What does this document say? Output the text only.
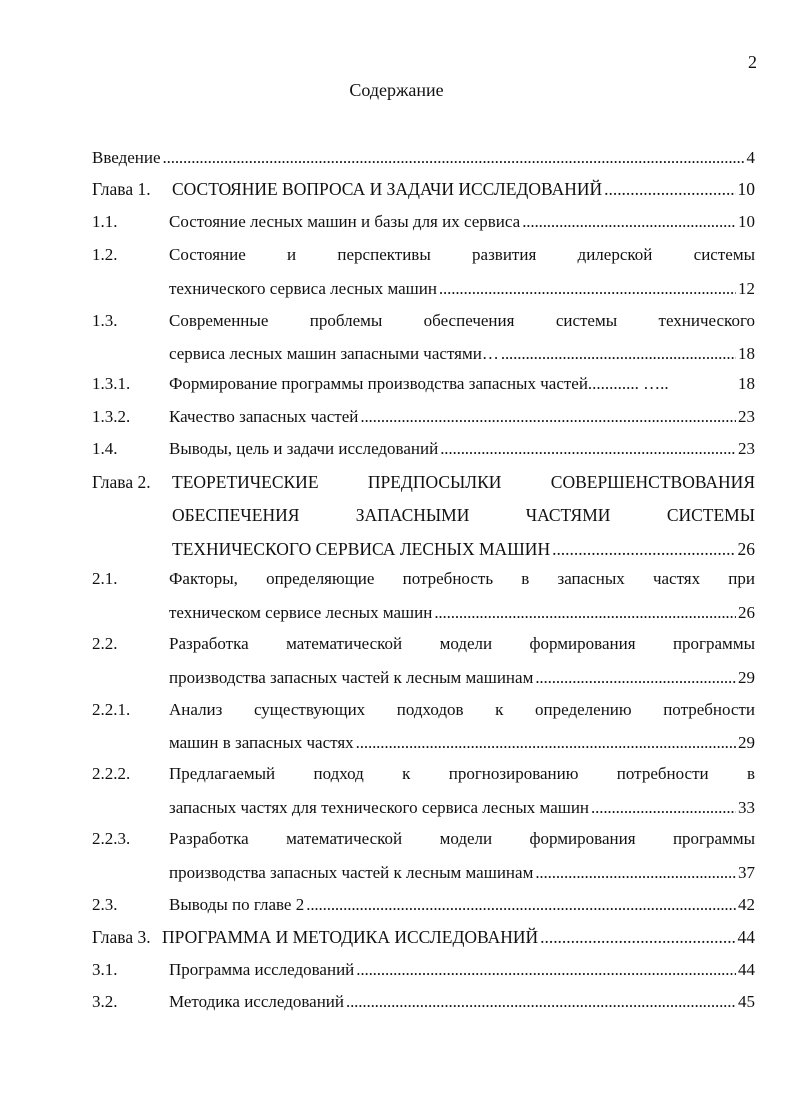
2
Содержание
Введение . . .	4
Глава 1. СОСТОЯНИЕ ВОПРОСА И ЗАДАЧИ ИССЛЕДОВАНИЙ . . .	10
1.1.	Состояние лесных машин и базы для их сервиса . . .	10
1.2.	Состояние и перспективы развития дилерской системы
технического сервиса лесных машин . . .	12
1.3.	Современные проблемы обеспечения системы технического
сервиса лесных машин запасными частями… . . .	18
1.3.1. Формирование программы производства запасных частей............ …..	18
1.3.2. Качество запасных частей . . .	23
1.4.	Выводы, цель и задачи исследований . . .	23
Глава 2. ТЕОРЕТИЧЕСКИЕ ПРЕДПОСЫЛКИ СОВЕРШЕНСТВОВАНИЯ
ОБЕСПЕЧЕНИЯ ЗАПАСНЫМИ ЧАСТЯМИ СИСТЕМЫ
ТЕХНИЧЕСКОГО СЕРВИСА ЛЕСНЫХ МАШИН . . .	26
2.1.	Факторы, определяющие потребность в запасных частях при
техническом сервисе лесных машин . . .	26
2.2.	Разработка математической модели формирования программы
производства запасных частей к лесным машинам . . .	29
2.2.1. Анализ существующих подходов к определению потребности
машин в запасных частях . . .	29
2.2.2. Предлагаемый подход к прогнозированию потребности в
запасных частях для технического сервиса лесных машин . . .	33
2.2.3. Разработка математической модели формирования программы
производства запасных частей к лесным машинам . . .	37
2.3.	Выводы по главе 2 . . .	42
Глава 3. ПРОГРАММА И МЕТОДИКА ИССЛЕДОВАНИЙ . . .	44
3.1.	Программа исследований . . .	44
3.2.	Методика исследований . . .	45
